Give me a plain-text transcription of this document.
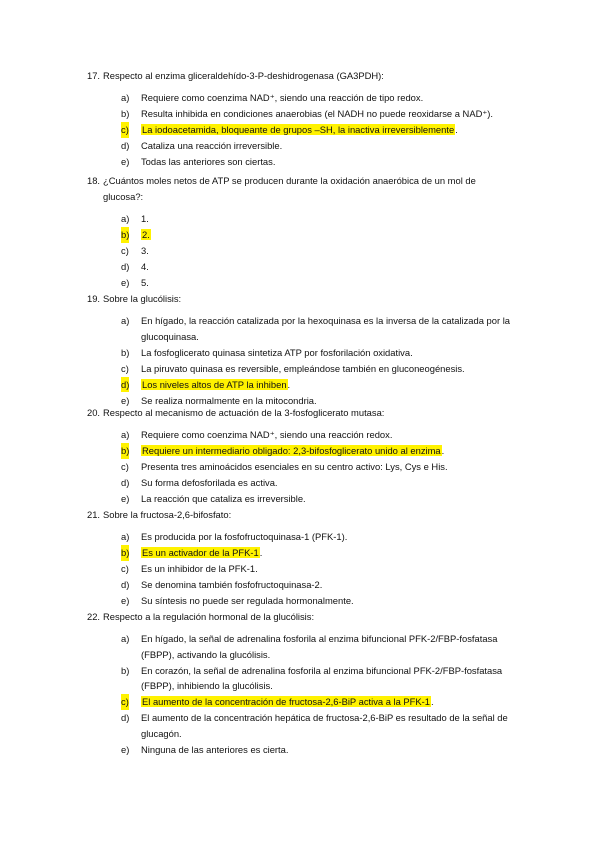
17. Respecto al enzima gliceraldehído-3-P-deshidrogenasa (GA3PDH):
a) Requiere como coenzima NAD⁺, siendo una reacción de tipo redox.
b) Resulta inhibida en condiciones anaerobias (el NADH no puede reoxidarse a NAD⁺).
c) La iodoacetamida, bloqueante de grupos –SH, la inactiva irreversiblemente.
d) Cataliza una reacción irreversible.
e) Todas las anteriores son ciertas.
18. ¿Cuántos moles netos de ATP se producen durante la oxidación anaeróbica de un mol de glucosa?:
a) 1.
b) 2.
c) 3.
d) 4.
e) 5.
19. Sobre la glucólisis:
a) En hígado, la reacción catalizada por la hexoquinasa es la inversa de la catalizada por la glucoquinasa.
b) La fosfoglicerato quinasa sintetiza ATP por fosforilación oxidativa.
c) La piruvato quinasa es reversible, empleándose también en gluconeogénesis.
d) Los niveles altos de ATP la inhiben.
e) Se realiza normalmente en la mitocondria.
20. Respecto al mecanismo de actuación de la 3-fosfoglicerato mutasa:
a) Requiere como coenzima NAD⁺, siendo una reacción redox.
b) Requiere un intermediario obligado: 2,3-bifosfoglicerato unido al enzima.
c) Presenta tres aminoácidos esenciales en su centro activo: Lys, Cys e His.
d) Su forma defosforilada es activa.
e) La reacción que cataliza es irreversible.
21. Sobre la fructosa-2,6-bifosfato:
a) Es producida por la fosfofructoquinasa-1 (PFK-1).
b) Es un activador de la PFK-1.
c) Es un inhibidor de la PFK-1.
d) Se denomina también fosfofructoquinasa-2.
e) Su síntesis no puede ser regulada hormonalmente.
22. Respecto a la regulación hormonal de la glucólisis:
a) En hígado, la señal de adrenalina fosforila al enzima bifuncional PFK-2/FBP-fosfatasa (FBPP), activando la glucólisis.
b) En corazón, la señal de adrenalina fosforila al enzima bifuncional PFK-2/FBP-fosfatasa (FBPP), inhibiendo la glucólisis.
c) El aumento de la concentración de fructosa-2,6-BiP activa a la PFK-1.
d) El aumento de la concentración hepática de fructosa-2,6-BiP es resultado de la señal de glucagón.
e) Ninguna de las anteriores es cierta.
